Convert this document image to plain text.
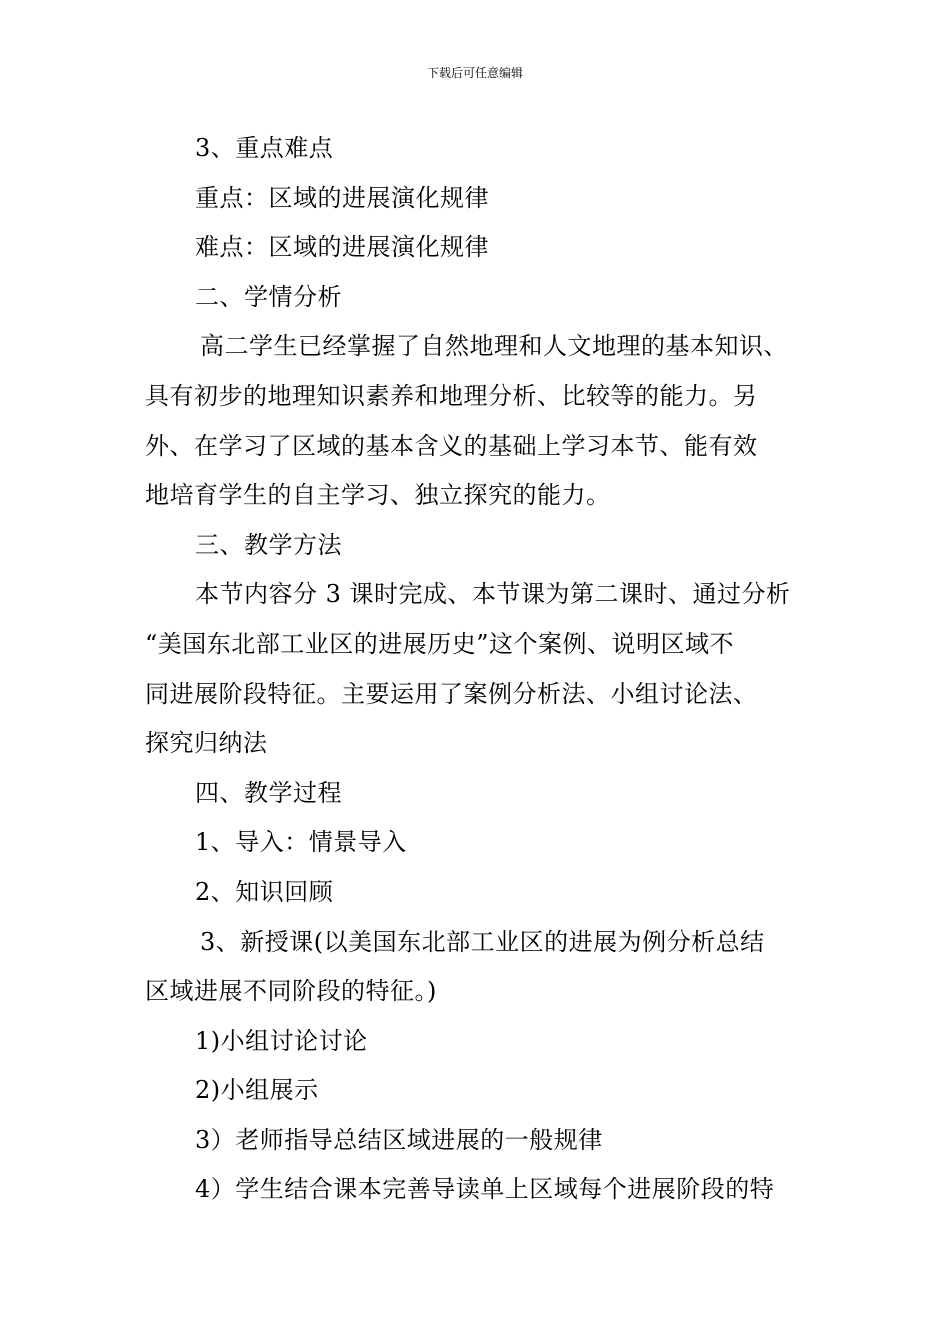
下载后可任意编辑
3、重点难点
重点：区域的进展演化规律
难点：区域的进展演化规律
二、学情分析
高二学生已经掌握了自然地理和人文地理的基本知识、
具有初步的地理知识素养和地理分析、比较等的能力。另
外、在学习了区域的基本含义的基础上学习本节、能有效
地培育学生的自主学习、独立探究的能力。
三、教学方法
本节内容分 3 课时完成、本节课为第二课时、通过分析
“美国东北部工业区的进展历史”这个案例、说明区域不
同进展阶段特征。主要运用了案例分析法、小组讨论法、
探究归纳法
四、教学过程
1、导入：情景导入
2、知识回顾
3、新授课(以美国东北部工业区的进展为例分析总结
区域进展不同阶段的特征。)
1)小组讨论讨论
2)小组展示
3）老师指导总结区域进展的一般规律
4）学生结合课本完善导读单上区域每个进展阶段的特
